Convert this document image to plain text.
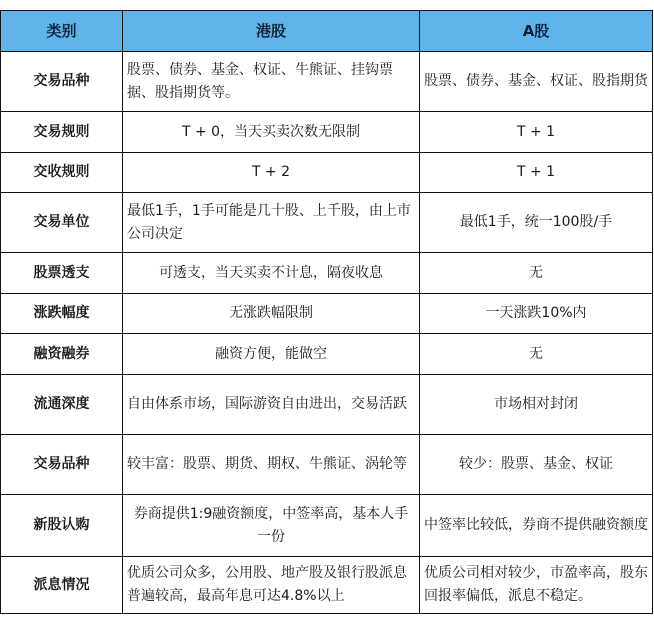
类别	港股	A股
交易品种	股票、债券、基金、权证、牛熊证、挂钩票据、股指期货等。	股票、债券、基金、权证、股指期货
交易规则	T + 0，当天买卖次数无限制	T + 1
交收规则	T + 2	T + 1
交易单位	最低1手，1手可能是几十股、上千股，由上市公司决定	最低1手，统一100股/手
股票透支	可透支，当天买卖不计息，隔夜收息	无
涨跌幅度	无涨跌幅限制	一天涨跌10%内
融资融券	融资方便，能做空	无
流通深度	自由体系市场，国际游资自由进出，交易活跃	市场相对封闭
交易品种	较丰富：股票、期货、期权、牛熊证、涡轮等	较少：股票、基金、权证
新股认购	券商提供1:9融资额度，中签率高，基本人手一份	中签率比较低，券商不提供融资额度
派息情况	优质公司众多，公用股、地产股及银行股派息普遍较高，最高年息可达4.8%以上	优质公司相对较少，市盈率高，股东回报率偏低，派息不稳定。
